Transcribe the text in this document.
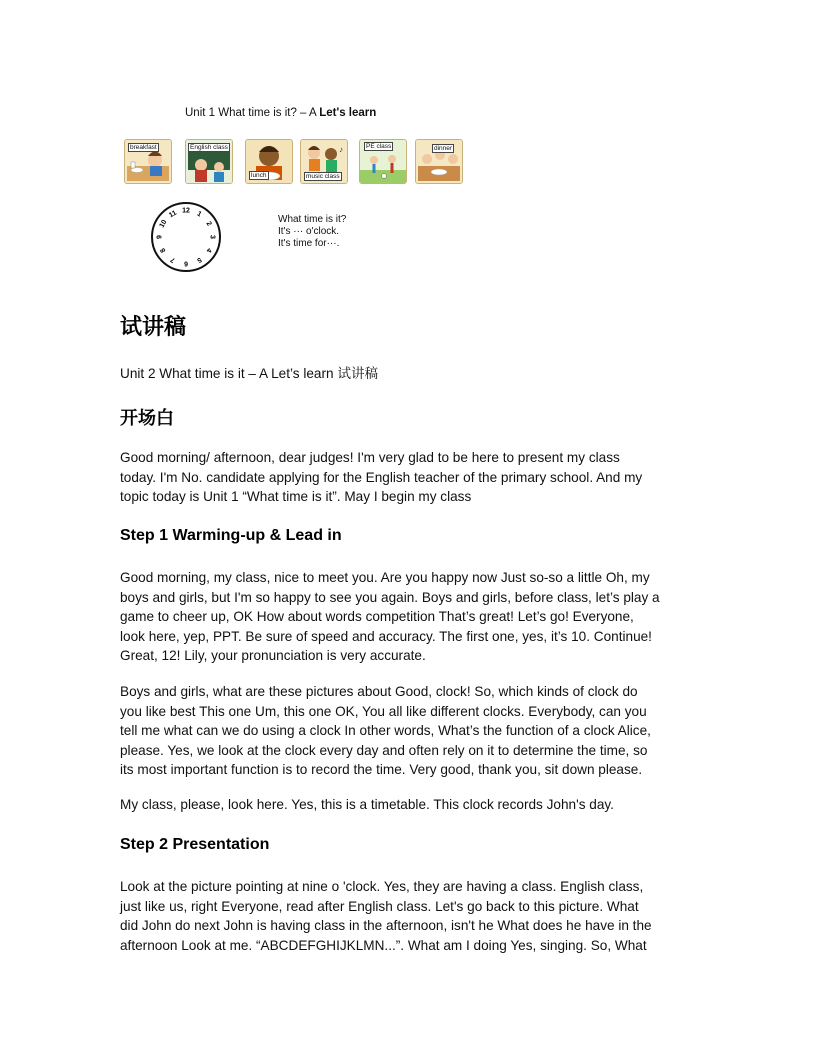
Unit 1 What time is it? – A Let's learn
breakfast	English class
lunch
♪
music class
PE class	dinner
12 1
2
3
4
5
6
7
8
9
10
11	What time is it?
It's ··· o'clock.
It's time for···.
试讲稿
Unit 2 What time is it – A Let’s learn 试讲稿
开场白
Good morning/ afternoon, dear judges! I'm very glad to be here to present my class
today. I'm No. candidate applying for the English teacher of the primary school. And my
topic today is Unit 1 “What time is it”. May I begin my class
Step 1 Warming-up & Lead in
Good morning, my class, nice to meet you. Are you happy now Just so-so a little Oh, my
boys and girls, but I'm so happy to see you again. Boys and girls, before class, let’s play a
game to cheer up, OK How about words competition That’s great! Let’s go! Everyone,
look here, yep, PPT. Be sure of speed and accuracy. The first one, yes, it’s 10. Continue!
Great, 12! Lily, your pronunciation is very accurate.
Boys and girls, what are these pictures about Good, clock! So, which kinds of clock do
you like best This one Um, this one OK, You all like different clocks. Everybody, can you
tell me what can we do using a clock In other words, What’s the function of a clock Alice,
please. Yes, we look at the clock every day and often rely on it to determine the time, so
its most important function is to record the time. Very good, thank you, sit down please.
My class, please, look here. Yes, this is a timetable. This clock records John's day.
Step 2 Presentation
Look at the picture pointing at nine o 'clock. Yes, they are having a class. English class,
just like us, right Everyone, read after English class. Let's go back to this picture. What
did John do next John is having class in the afternoon, isn't he What does he have in the
afternoon Look at me. “ABCDEFGHIJKLMN...”. What am I doing Yes, singing. So, What
